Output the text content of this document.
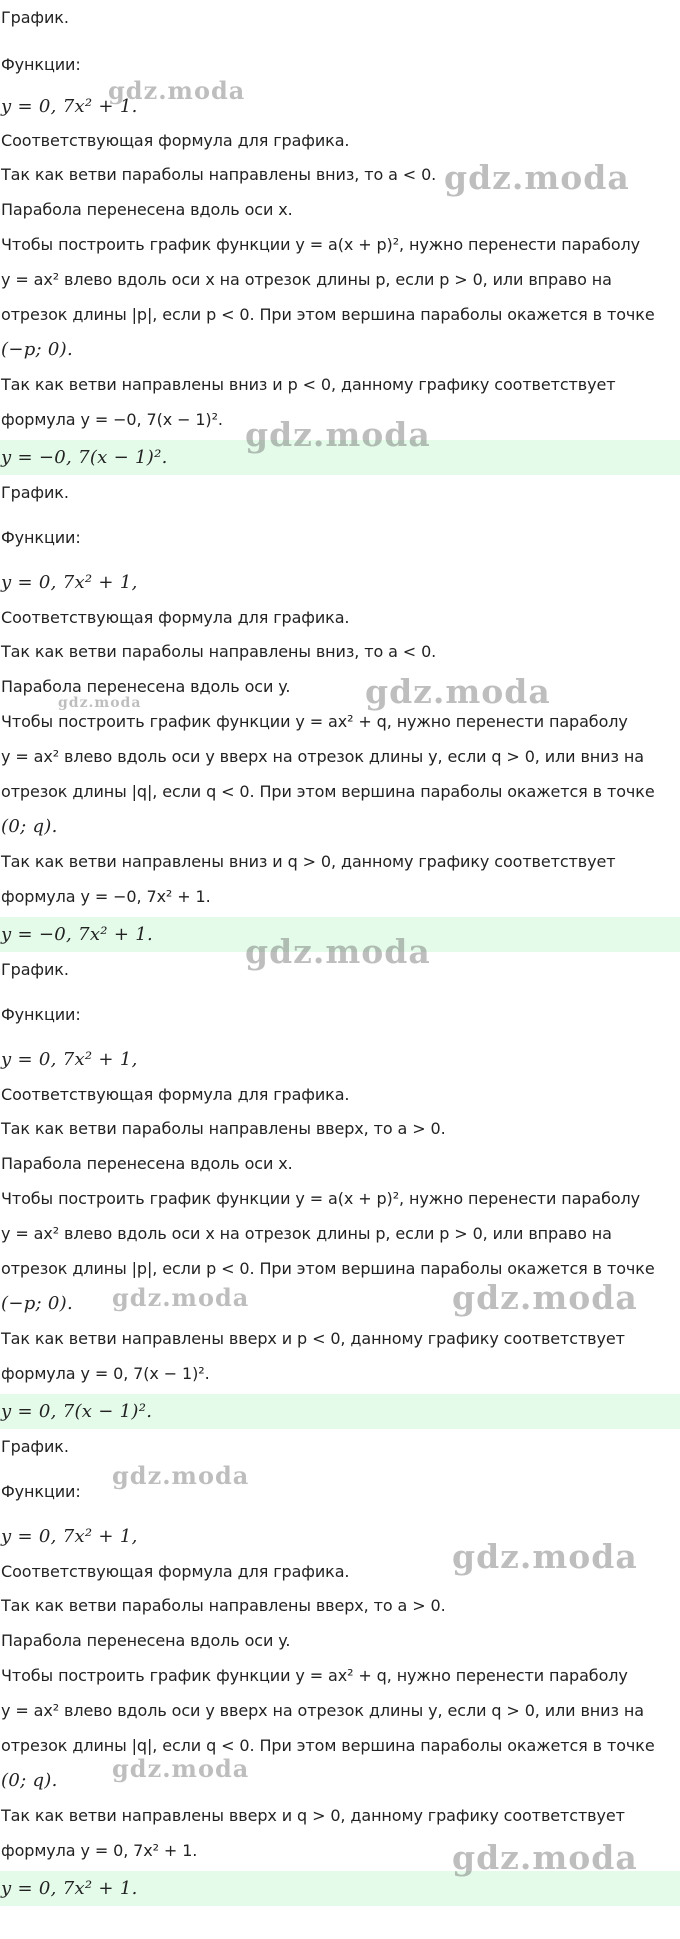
График.
Функции:
y = 0, 7x² + 1.
Соответствующая формула для графика.
Так как ветви параболы направлены вниз, то a < 0.
Парабола перенесена вдоль оси x.
Чтобы построить график функции y = a(x + p)², нужно перенести параболу
y = ax² влево вдоль оси x на отрезок длины p, если p > 0, или вправо на
отрезок длины |p|, если p < 0. При этом вершина параболы окажется в точке
(−p; 0).
Так как ветви направлены вниз и p < 0, данному графику соответствует
формула y = −0, 7(x − 1)².
y = −0, 7(x − 1)².
График.
Функции:
y = 0, 7x² + 1,
Соответствующая формула для графика.
Так как ветви параболы направлены вниз, то a < 0.
Парабола перенесена вдоль оси y.
Чтобы построить график функции y = ax² + q, нужно перенести параболу
y = ax² влево вдоль оси y вверх на отрезок длины y, если q > 0, или вниз на
отрезок длины |q|, если q < 0. При этом вершина параболы окажется в точке
(0; q).
Так как ветви направлены вниз и q > 0, данному графику соответствует
формула y = −0, 7x² + 1.
y = −0, 7x² + 1.
График.
Функции:
y = 0, 7x² + 1,
Соответствующая формула для графика.
Так как ветви параболы направлены вверх, то a > 0.
Парабола перенесена вдоль оси x.
Чтобы построить график функции y = a(x + p)², нужно перенести параболу
y = ax² влево вдоль оси x на отрезок длины p, если p > 0, или вправо на
отрезок длины |p|, если p < 0. При этом вершина параболы окажется в точке
(−p; 0).
Так как ветви направлены вверх и p < 0, данному графику соответствует
формула y = 0, 7(x − 1)².
y = 0, 7(x − 1)².
График.
Функции:
y = 0, 7x² + 1,
Соответствующая формула для графика.
Так как ветви параболы направлены вверх, то a > 0.
Парабола перенесена вдоль оси y.
Чтобы построить график функции y = ax² + q, нужно перенести параболу
y = ax² влево вдоль оси y вверх на отрезок длины y, если q > 0, или вниз на
отрезок длины |q|, если q < 0. При этом вершина параболы окажется в точке
(0; q).
Так как ветви направлены вверх и q > 0, данному графику соответствует
формула y = 0, 7x² + 1.
y = 0, 7x² + 1.
gdz.moda
gdz.moda
gdz.moda
gdz.moda
gdz.moda
gdz.moda
gdz.moda	gdz.moda
gdz.moda
gdz.moda
gdz.moda
gdz.moda
